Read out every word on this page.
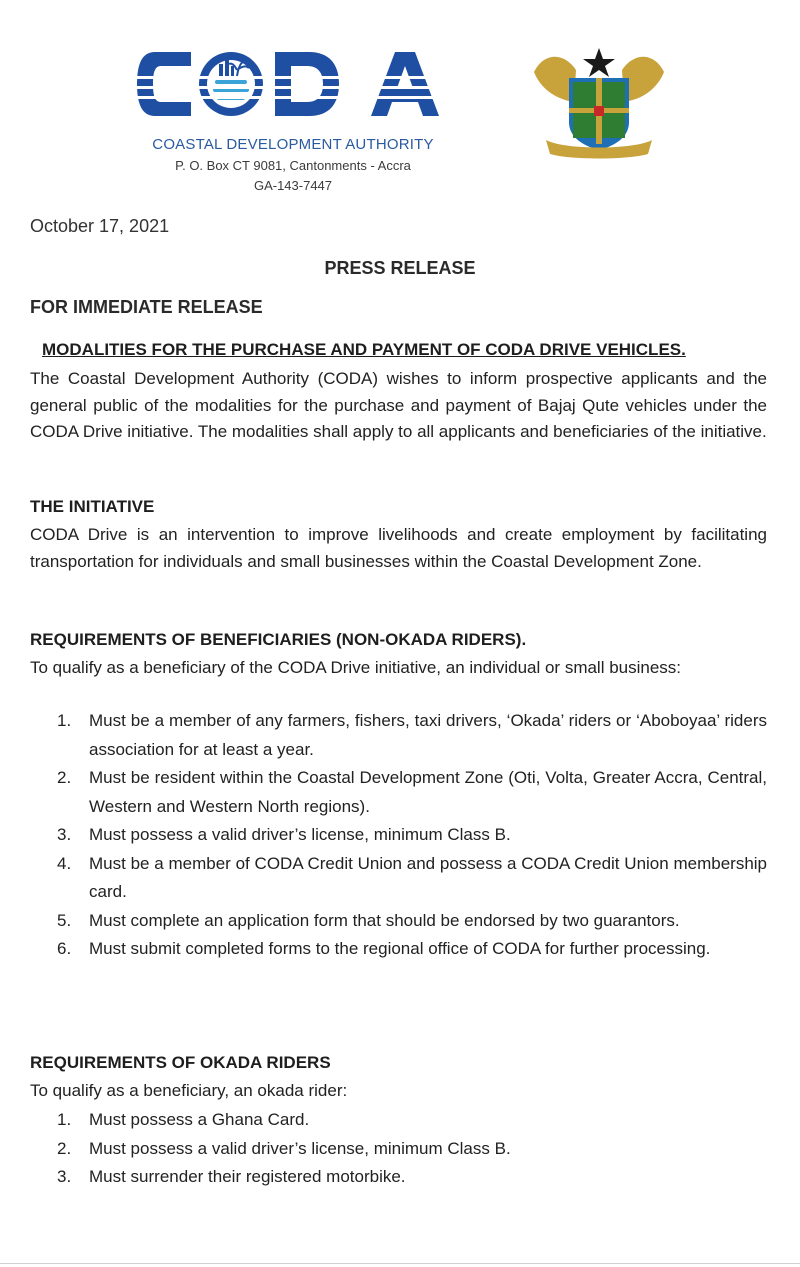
COASTAL DEVELOPMENT AUTHORITY
P. O. Box CT 9081, Cantonments - Accra
GA-143-7447
October 17, 2021
PRESS RELEASE
FOR IMMEDIATE RELEASE
MODALITIES FOR THE PURCHASE AND PAYMENT OF CODA DRIVE VEHICLES.
The Coastal Development Authority (CODA) wishes to inform prospective applicants and the general public of the modalities for the purchase and payment of Bajaj Qute vehicles under the CODA Drive initiative. The modalities shall apply to all applicants and beneficiaries of the initiative.
THE INITIATIVE
CODA Drive is an intervention to improve livelihoods and create employment by facilitating transportation for individuals and small businesses within the Coastal Development Zone.
REQUIREMENTS OF BENEFICIARIES (NON-OKADA RIDERS).
To qualify as a beneficiary of the CODA Drive initiative, an individual or small business:
1. Must be a member of any farmers, fishers, taxi drivers, ‘Okada’ riders or ‘Aboboyaa’ riders association for at least a year.
2. Must be resident within the Coastal Development Zone (Oti, Volta, Greater Accra, Central, Western and Western North regions).
3. Must possess a valid driver’s license, minimum Class B.
4. Must be a member of CODA Credit Union and possess a CODA Credit Union membership card.
5. Must complete an application form that should be endorsed by two guarantors.
6. Must submit completed forms to the regional office of CODA for further processing.
REQUIREMENTS OF OKADA RIDERS
To qualify as a beneficiary, an okada rider:
1. Must possess a Ghana Card.
2. Must possess a valid driver’s license, minimum Class B.
3. Must surrender their registered motorbike.
